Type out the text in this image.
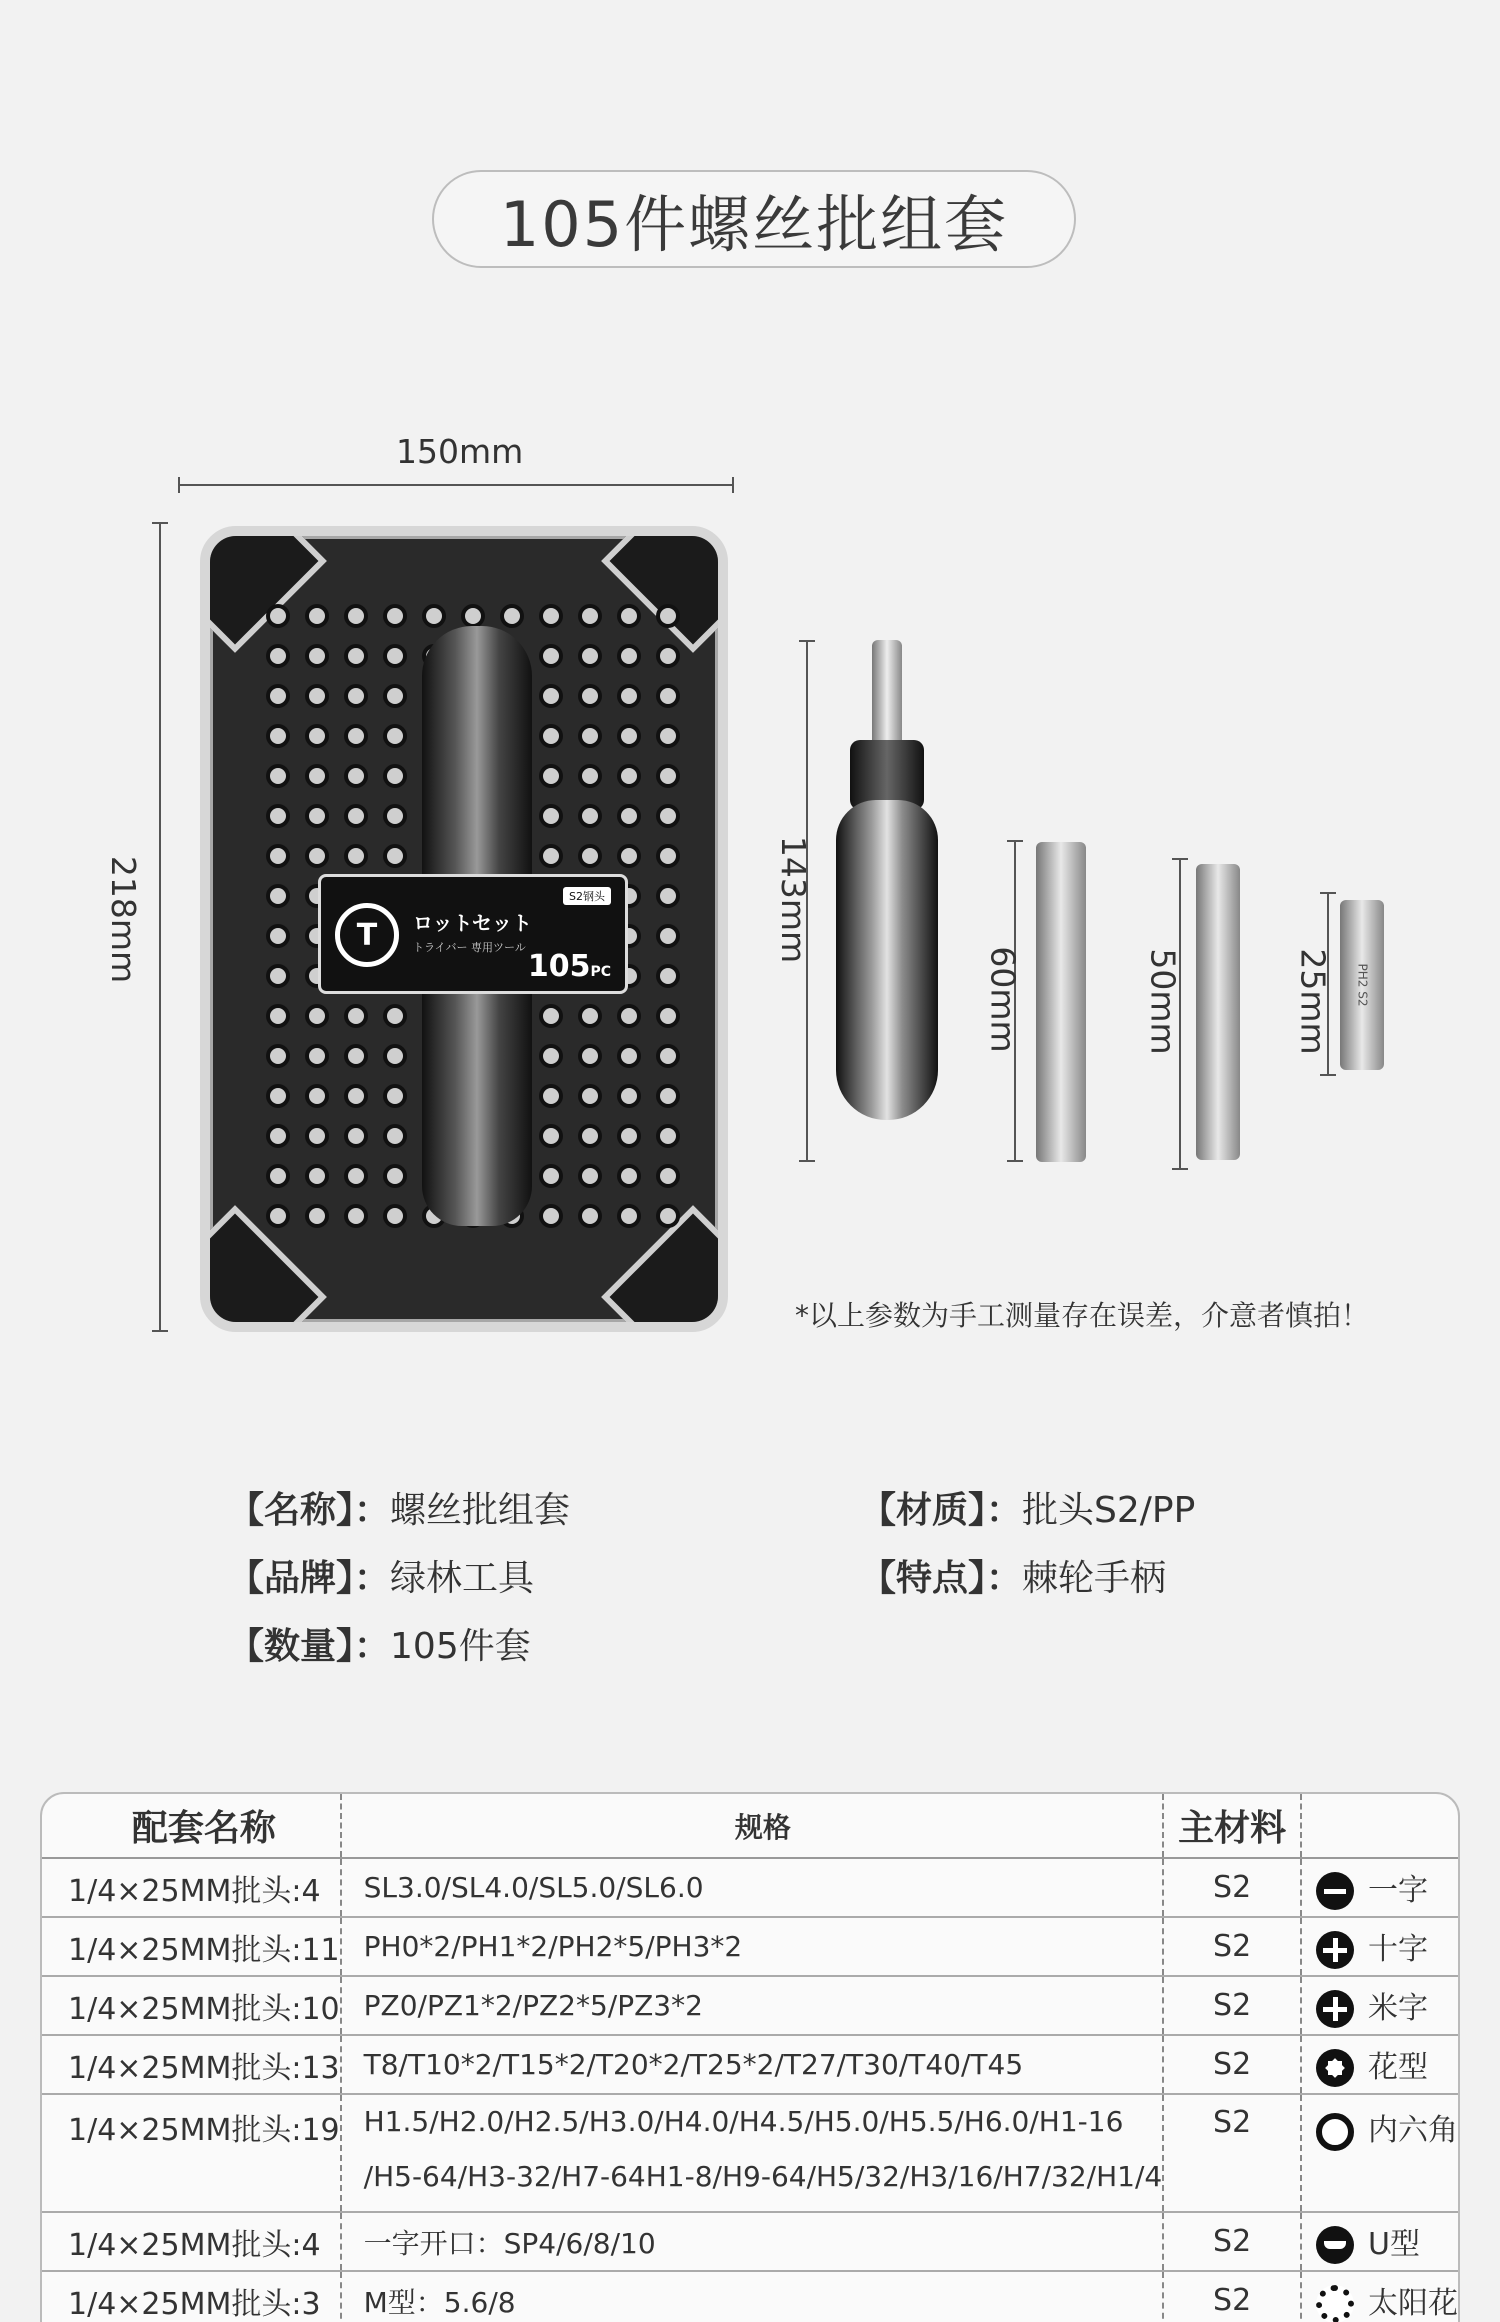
105件螺丝批组套
150mm
218mm	T	ロットセット
トライバー 専用ツール
S2钢头
105PC
143mm
60mm	50mm	25mm PH2 S2
*以上参数为手工测量存在误差，介意者慎拍！
【名称】：螺丝批组套	【材质】：批头S2/PP
【品牌】：绿林工具	【特点】：棘轮手柄
【数量】：105件套
配套名称	规格	主材料	
1/4×25MM批头:4	SL3.0/SL4.0/SL5.0/SL6.0	S2	一字
1/4×25MM批头:11	PH0*2/PH1*2/PH2*5/PH3*2	S2	十字
1/4×25MM批头:10	PZ0/PZ1*2/PZ2*5/PZ3*2	S2	米字
1/4×25MM批头:13	T8/T10*2/T15*2/T20*2/T25*2/T27/T30/T40/T45	S2	花型
1/4×25MM批头:19	H1.5/H2.0/H2.5/H3.0/H4.0/H4.5/H5.0/H5.5/H6.0/H1-16
/H5-64/H3-32/H7-64H1-8/H9-64/H5/32/H3/16/H7/32/H1/4	S2	内六角
1/4×25MM批头:4	一字开口：SP4/6/8/10	S2	U型
1/4×25MM批头:3	M型：5.6/8	S2	太阳花
